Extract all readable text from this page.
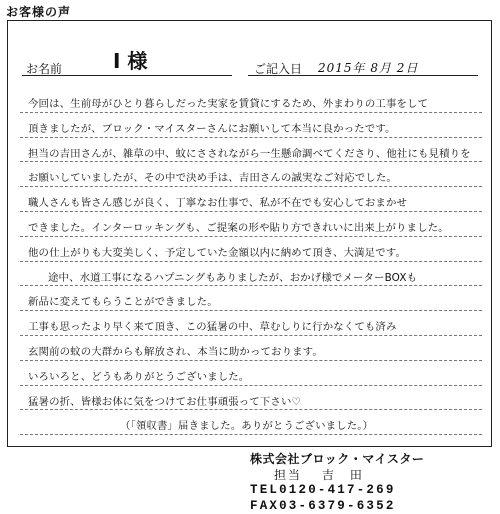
お客様の声
お名前	I 様	ご記入日 2015年 8月 2日
今回は、生前母がひとり暮らしだった実家を賃貸にするため、外まわりの工事をして
頂きましたが、ブロック・マイスターさんにお願いして本当に良かったです。
担当の吉田さんが、雑草の中、蚊にさされながら一生懸命調べてくださり、他社にも見積りを
お願いしていましたが、その中で決め手は、吉田さんの誠実なご対応でした。
職人さんも皆さん感じが良く、丁寧なお仕事で、私が不在でも安心しておまかせ
できました。インターロッキングも、ご提案の形や貼り方できれいに出来上がりました。
他の仕上がりも大変美しく、予定していた金額以内に納めて頂き、大満足です。
途中、水道工事になるハプニングもありましたが、おかげ様でメーターBOXも
新品に変えてもらうことができました。
工事も思ったより早く来て頂き、この猛暑の中、草むしりに行かなくても済み
玄関前の蚊の大群からも解放され、本当に助かっております。
いろいろと、どうもありがとうございました。
猛暑の折、皆様お体に気をつけてお仕事頑張って下さい♡
（「領収書」届きました。ありがとうございました。）
株式会社ブロック・マイスター
担当　 吉　田
TEL0120-417-269
FAX03-6379-6352
